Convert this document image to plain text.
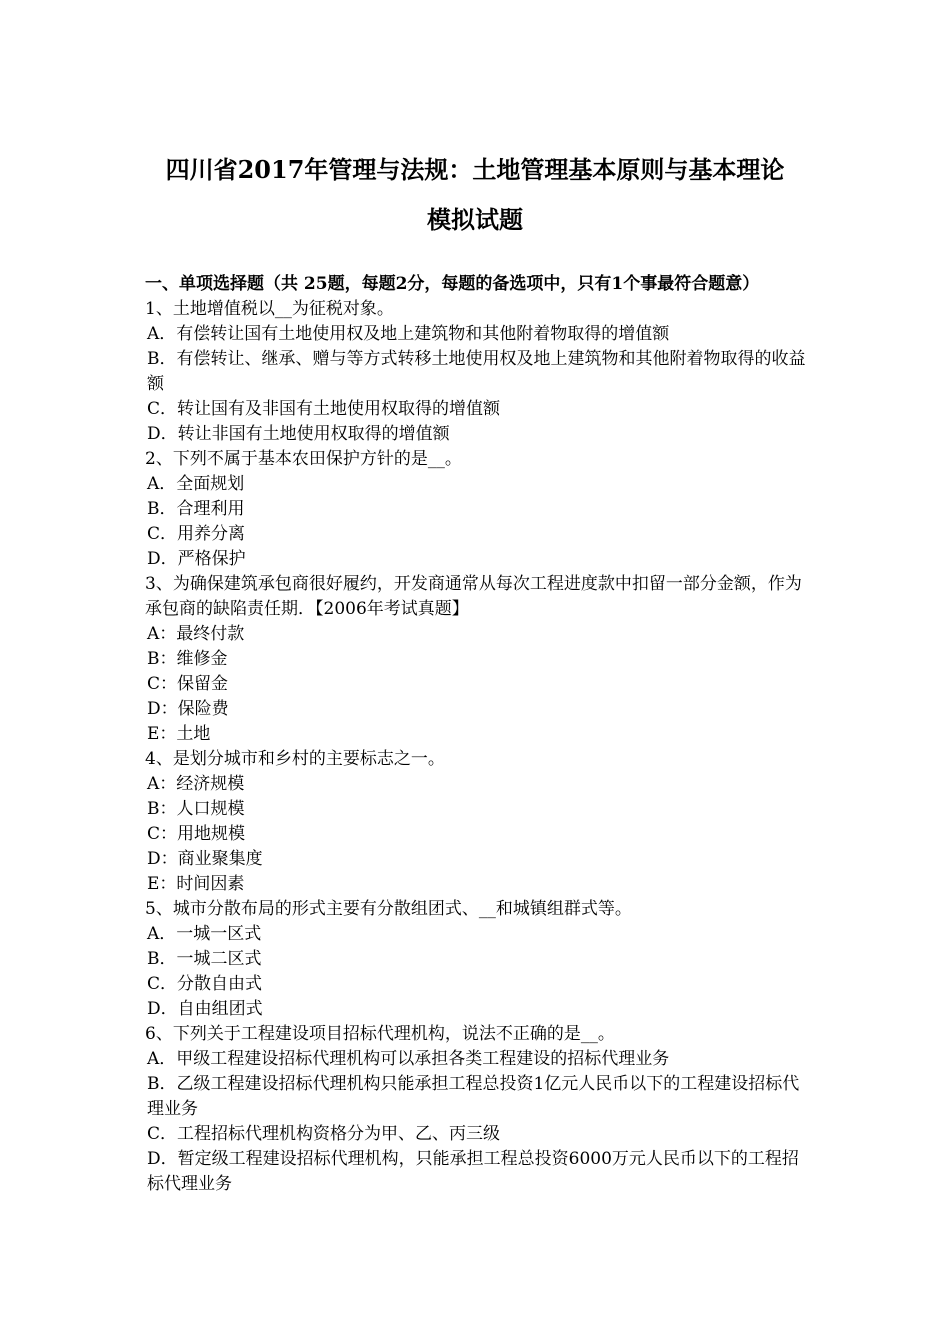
四川省2017年管理与法规：土地管理基本原则与基本理论
模拟试题

一、单项选择题（共 25题，每题2分，每题的备选项中，只有1个事最符合题意）

1、土地增值税以__为征税对象。

A．有偿转让国有土地使用权及地上建筑物和其他附着物取得的增值额

B．有偿转让、继承、赠与等方式转移土地使用权及地上建筑物和其他附着物取得的收益额

C．转让国有及非国有土地使用权取得的增值额

D．转让非国有土地使用权取得的增值额

2、下列不属于基本农田保护方针的是__。

A．全面规划

B．合理利用

C．用养分离

D．严格保护

3、为确保建筑承包商很好履约，开发商通常从每次工程进度款中扣留一部分金额，作为承包商的缺陷责任期．【2006年考试真题】

A：最终付款

B：维修金

C：保留金

D：保险费

E：土地

4、是划分城市和乡村的主要标志之一。

A：经济规模

B：人口规模

C：用地规模

D：商业聚集度

E：时间因素

5、城市分散布局的形式主要有分散组团式、__和城镇组群式等。

A．一城一区式

B．一城二区式

C．分散自由式

D．自由组团式

6、下列关于工程建设项目招标代理机构，说法不正确的是__。

A．甲级工程建设招标代理机构可以承担各类工程建设的招标代理业务

B．乙级工程建设招标代理机构只能承担工程总投资1亿元人民币以下的工程建设招标代理业务

C．工程招标代理机构资格分为甲、乙、丙三级

D．暂定级工程建设招标代理机构，只能承担工程总投资6000万元人民币以下的工程招标代理业务
